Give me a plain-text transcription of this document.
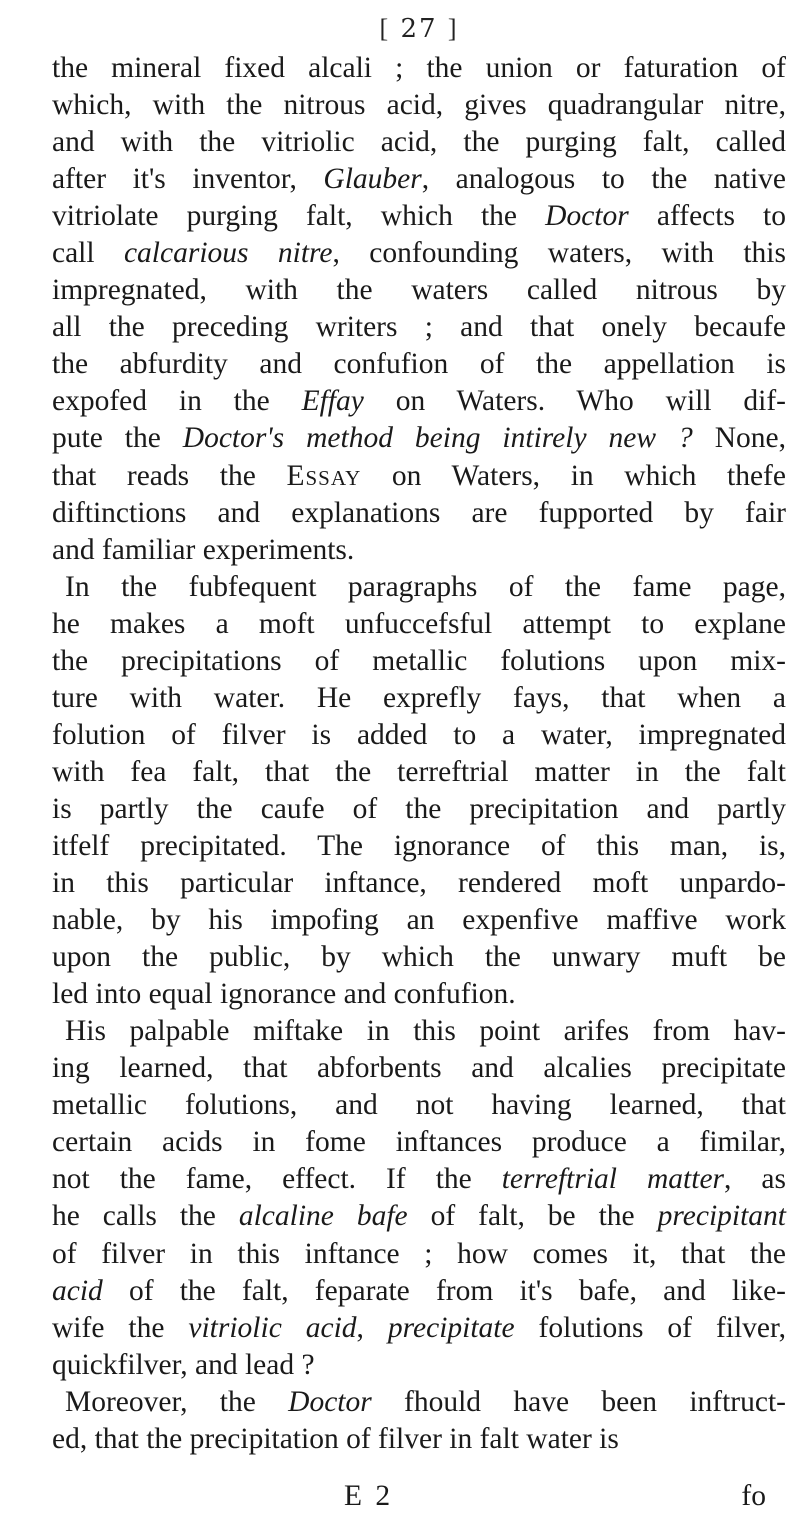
[ 27 ]
the mineral fixed alcali ; the union or faturation of
which, with the nitrous acid, gives quadrangular nitre,
and with the vitriolic acid, the purging falt, called
after it's inventor, Glauber, analogous to the native
vitriolate purging falt, which the Doctor affects to
call calcarious nitre, confounding waters, with this
impregnated, with the waters called nitrous by
all the preceding writers ; and that onely becaufe
the abfurdity and confufion of the appellation is
expofed in the Effay on Waters. Who will dif-
pute the Doctor's method being intirely new ? None,
that reads the Essay on Waters, in which thefe
diftinctions and explanations are fupported by fair
and familiar experiments.
In the fubfequent paragraphs of the fame page,
he makes a moft unfuccefsful attempt to explane
the precipitations of metallic folutions upon mix-
ture with water. He exprefly fays, that when a
folution of filver is added to a water, impregnated
with fea falt, that the terreftrial matter in the falt
is partly the caufe of the precipitation and partly
itfelf precipitated. The ignorance of this man, is,
in this particular inftance, rendered moft unpardo-
nable, by his impofing an expenfive maffive work
upon the public, by which the unwary muft be
led into equal ignorance and confufion.
His palpable miftake in this point arifes from hav-
ing learned, that abforbents and alcalies precipitate
metallic folutions, and not having learned, that
certain acids in fome inftances produce a fimilar,
not the fame, effect. If the terreftrial matter, as
he calls the alcaline bafe of falt, be the precipitant
of filver in this inftance ; how comes it, that the
acid of the falt, feparate from it's bafe, and like-
wife the vitriolic acid, precipitate folutions of filver,
quickfilver, and lead ?
Moreover, the Doctor fhould have been inftruct-
ed, that the precipitation of filver in falt water is
E 2	fo
